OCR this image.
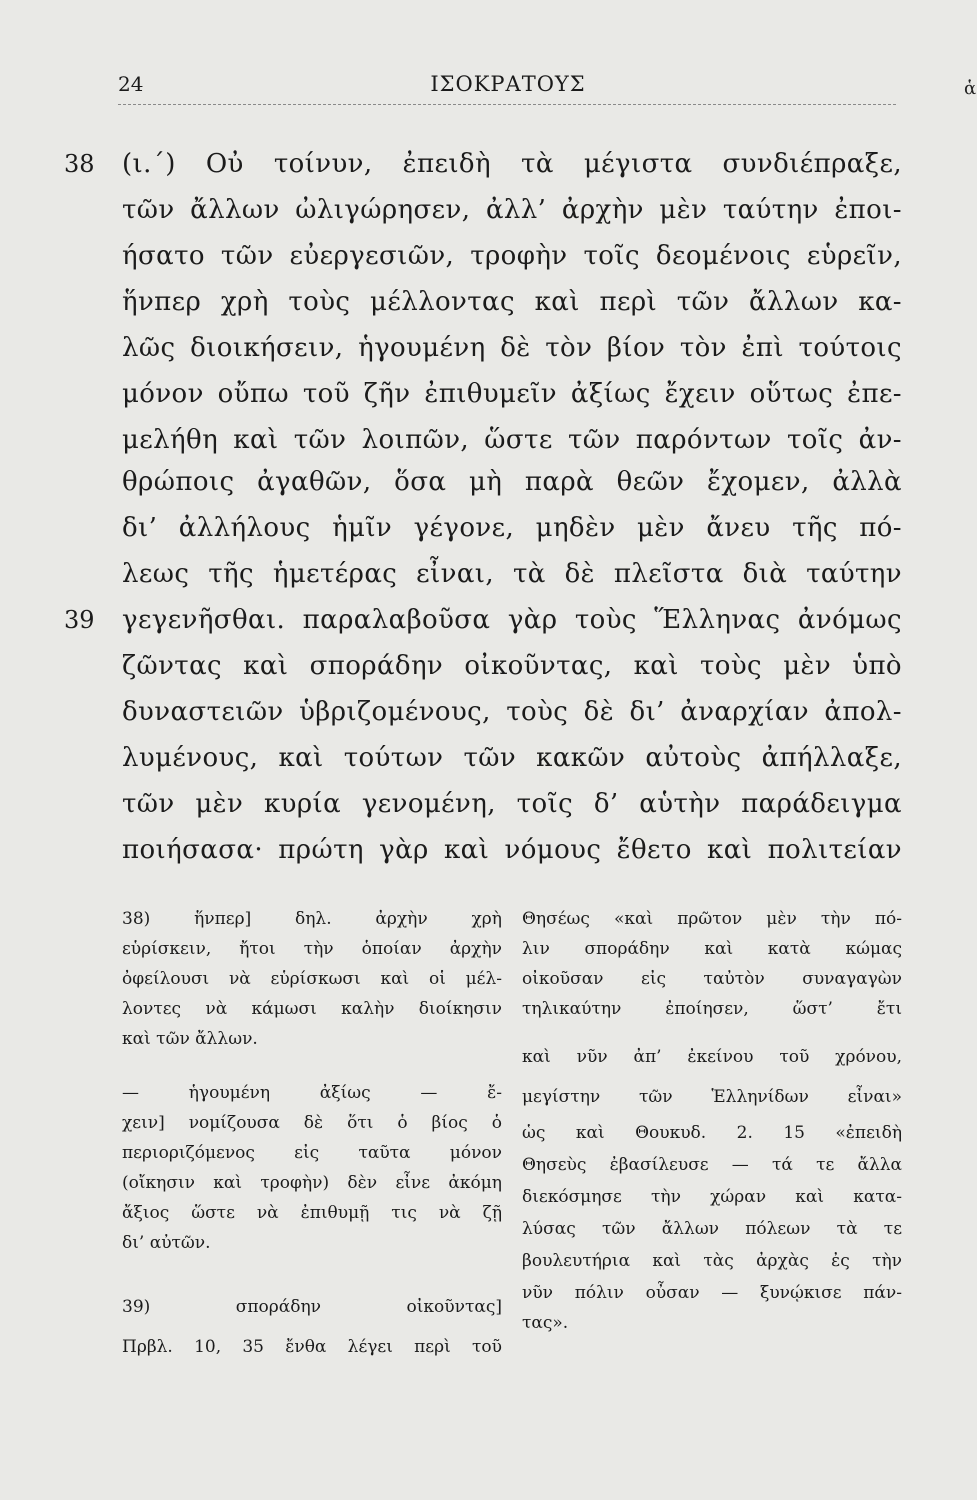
24	ΙΣΟΚΡΑΤΟΥΣ	ἁ
38
39
(ι.´) Οὐ τοίνυν, ἐπειδὴ τὰ μέγιστα συνδιέπραξε,
τῶν ἄλλων ὠλιγώρησεν, ἀλλ’ ἀρχὴν μὲν ταύτην ἐποι-
ήσατο τῶν εὐεργεσιῶν, τροφὴν τοῖς δεομένοις εὑρεῖν,
ἥνπερ χρὴ τοὺς μέλλοντας καὶ περὶ τῶν ἄλλων κα-
λῶς διοικήσειν, ἡγουμένη δὲ τὸν βίον τὸν ἐπὶ τούτοις
μόνον οὔπω τοῦ ζῆν ἐπιθυμεῖν ἀξίως ἔχειν οὕτως ἐπε-
μελήθη καὶ τῶν λοιπῶν, ὥστε τῶν παρόντων τοῖς ἀν-
θρώποις ἀγαθῶν, ὅσα μὴ παρὰ θεῶν ἔχομεν, ἀλλὰ
δι’ ἀλλήλους ἡμῖν γέγονε, μηδὲν μὲν ἄνευ τῆς πό-
λεως τῆς ἡμετέρας εἶναι, τὰ δὲ πλεῖστα διὰ ταύτην
γεγενῆσθαι. παραλαβοῦσα γὰρ τοὺς Ἕλληνας ἀνόμως
ζῶντας καὶ σποράδην οἰκοῦντας, καὶ τοὺς μὲν ὑπὸ
δυναστειῶν ὑβριζομένους, τοὺς δὲ δι’ ἀναρχίαν ἀπολ-
λυμένους, καὶ τούτων τῶν κακῶν αὐτοὺς ἀπήλλαξε,
τῶν μὲν κυρία γενομένη, τοῖς δ’ αὑτὴν παράδειγμα
ποιήσασα· πρώτη γὰρ καὶ νόμους ἔθετο καὶ πολιτείαν
38) ἥνπερ] δηλ. ἀρχὴν χρὴ
εὑρίσκειν, ἤτοι τὴν ὁποίαν ἀρχὴν
ὀφείλουσι νὰ εὑρίσκωσι καὶ οἱ μέλ-
λοντες νὰ κάμωσι καλὴν διοίκησιν
καὶ τῶν ἄλλων.
— ἡγουμένη ἀξίως — ἔ-
χειν] νομίζουσα δὲ ὅτι ὁ βίος ὁ
περιοριζόμενος εἰς ταῦτα μόνον
(οἴκησιν καὶ τροφὴν) δὲν εἶνε ἀκόμη
ἄξιος ὥστε νὰ ἐπιθυμῇ τις νὰ ζῇ
δι’ αὐτῶν.
39) σποράδην οἰκοῦντας]
Πρβλ. 10, 35 ἔνθα λέγει περὶ τοῦ
Θησέως «καὶ πρῶτον μὲν τὴν πό-
λιν σποράδην καὶ κατὰ κώμας
οἰκοῦσαν εἰς ταὐτὸν συναγαγὼν
τηλικαύτην ἐποίησεν, ὥστ’ ἔτι
καὶ νῦν ἀπ’ ἐκείνου τοῦ χρόνου,
μεγίστην τῶν Ἑλληνίδων εἶναι»
ὡς καὶ Θουκυδ. 2. 15 «ἐπειδὴ
Θησεὺς ἐβασίλευσε — τά τε ἄλλα
διεκόσμησε τὴν χώραν καὶ κατα-
λύσας τῶν ἄλλων πόλεων τὰ τε
βουλευτήρια καὶ τὰς ἀρχὰς ἐς τὴν
νῦν πόλιν οὖσαν — ξυνῴκισε πάν-
τας».
